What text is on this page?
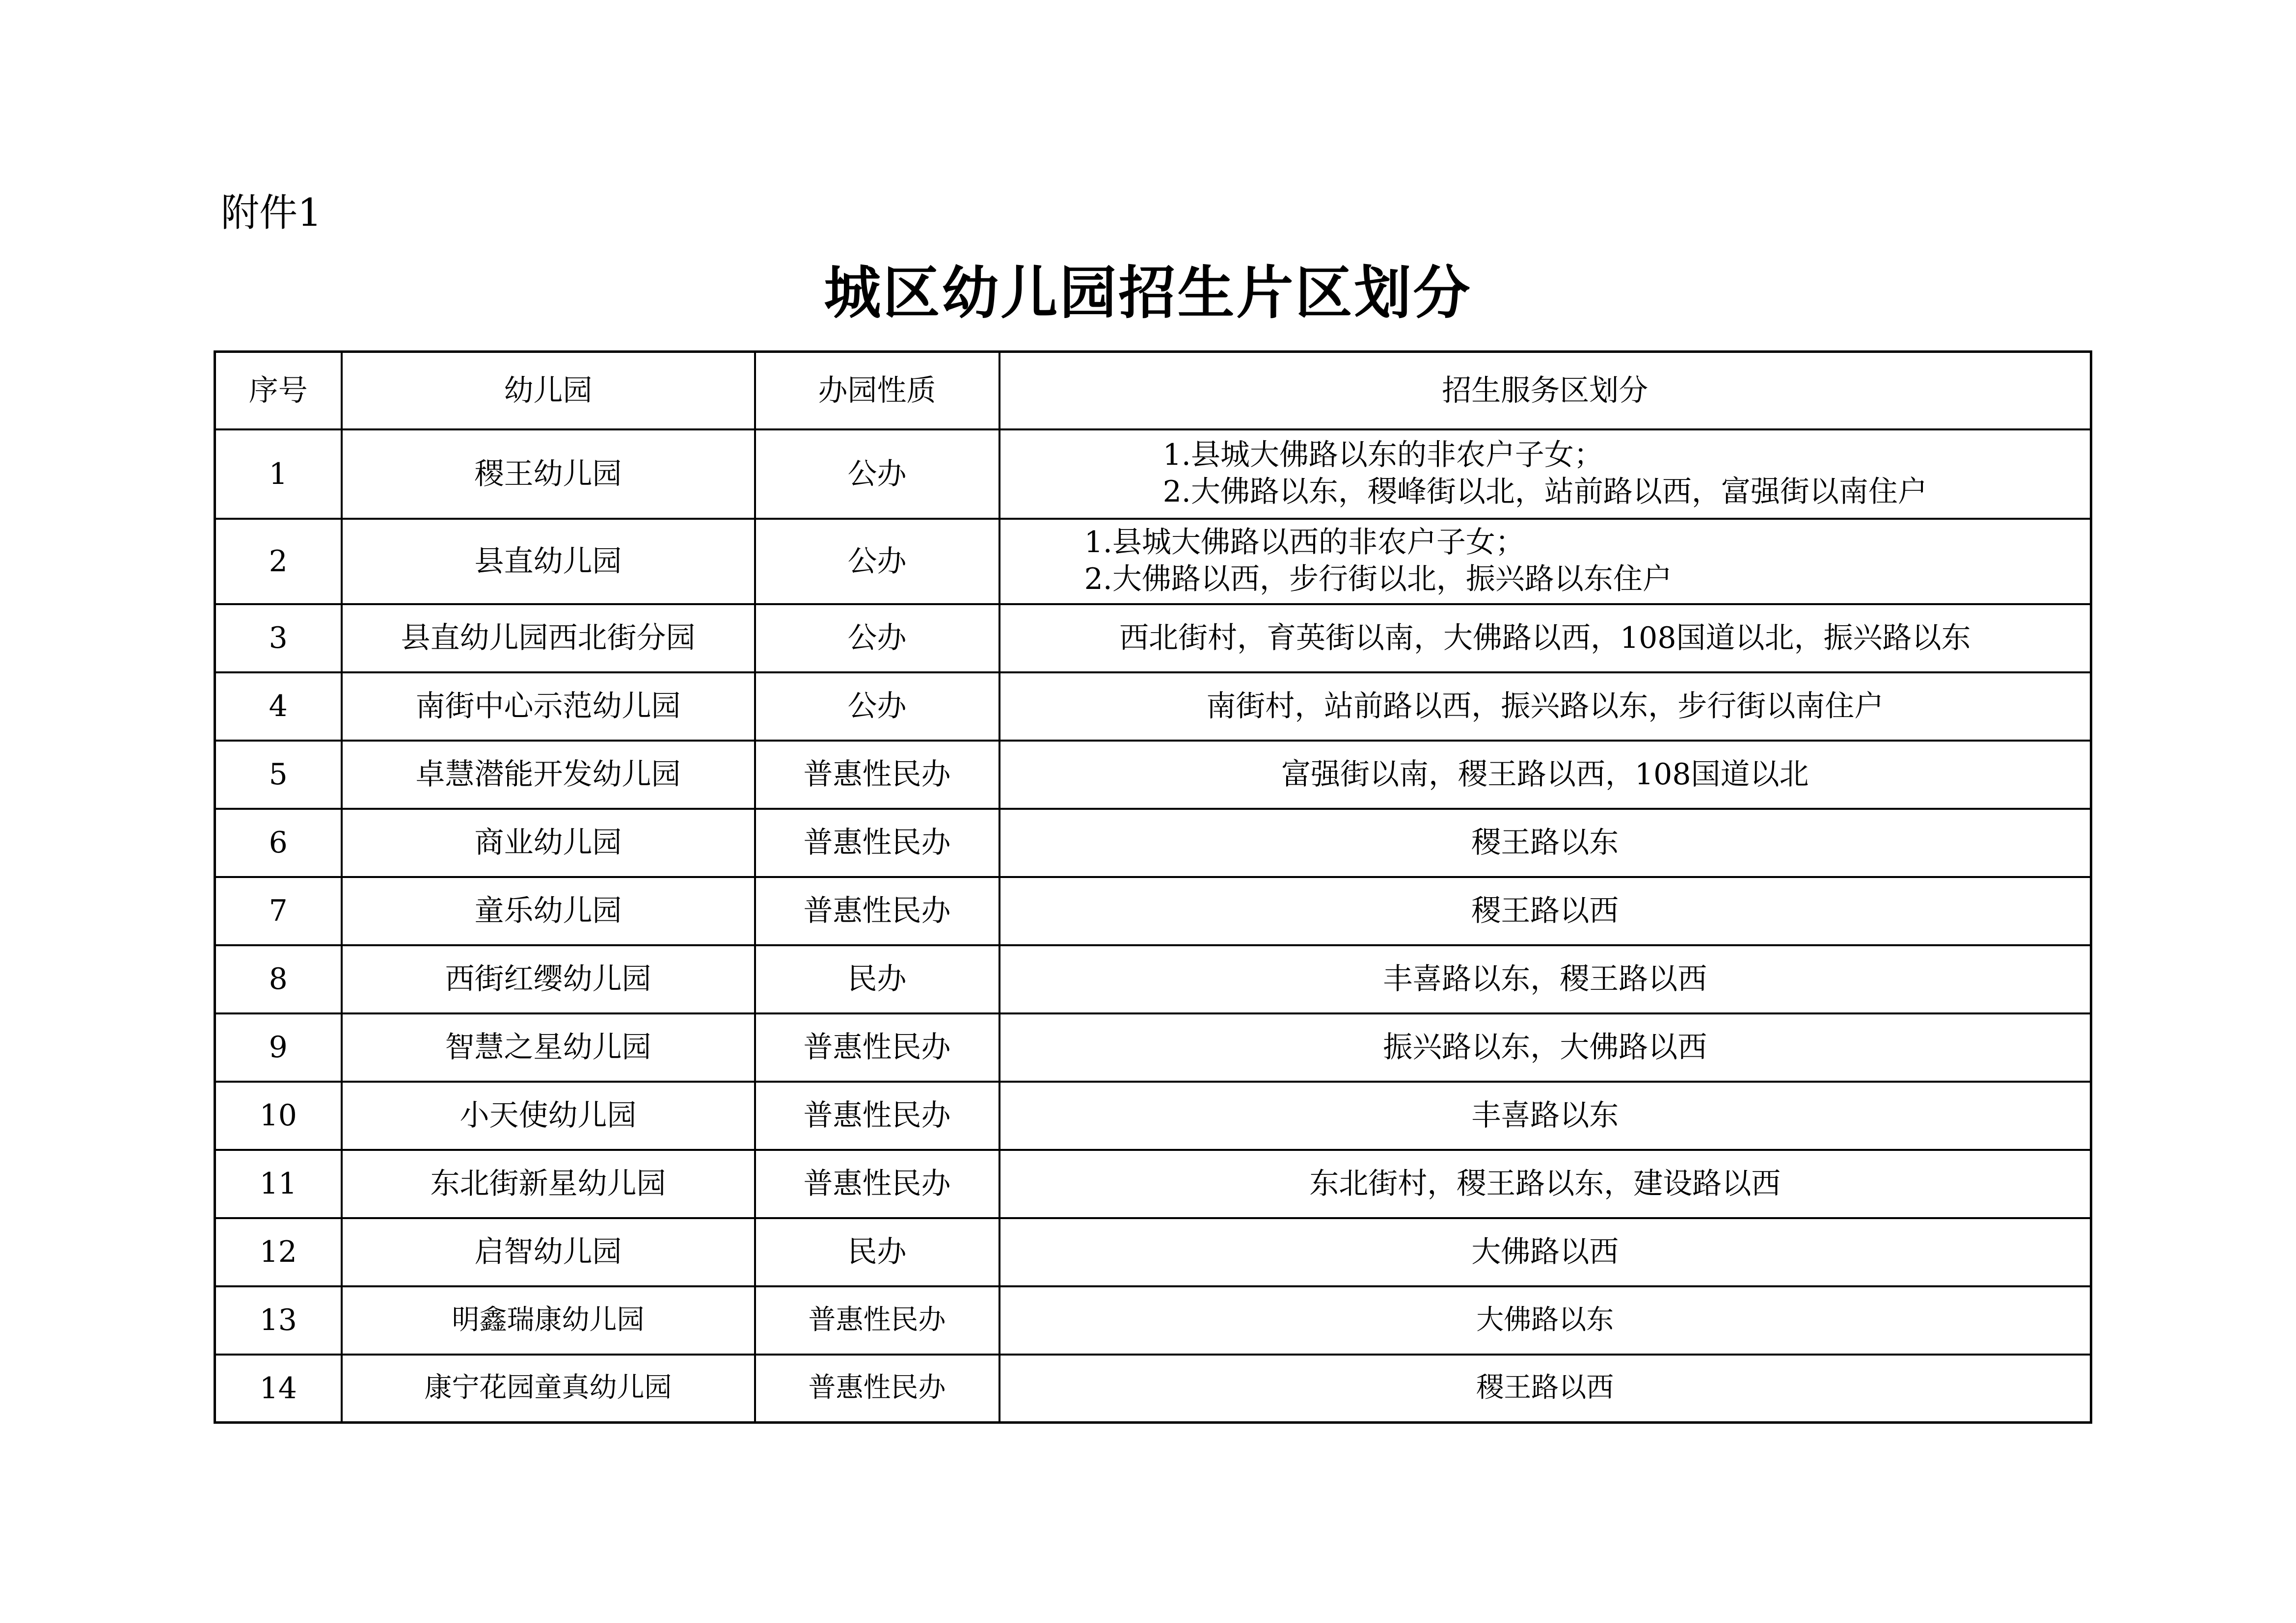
附件1
城区幼儿园招生片区划分
序号	幼儿园	办园性质	招生服务区划分
1	稷王幼儿园	公办	1.县城大佛路以东的非农户子女；
2.大佛路以东，稷峰街以北，站前路以西，富强街以南住户

2	县直幼儿园	公办	1.县城大佛路以西的非农户子女；
2.大佛路以西，步行街以北，振兴路以东住户

3	县直幼儿园西北街分园	公办	西北街村，育英街以南，大佛路以西，108国道以北，振兴路以东
4	南街中心示范幼儿园	公办	南街村，站前路以西，振兴路以东，步行街以南住户
5	卓慧潜能开发幼儿园	普惠性民办	富强街以南，稷王路以西，108国道以北
6	商业幼儿园	普惠性民办	稷王路以东
7	童乐幼儿园	普惠性民办	稷王路以西
8	西街红缨幼儿园	民办	丰喜路以东，稷王路以西
9	智慧之星幼儿园	普惠性民办	振兴路以东，大佛路以西
10	小天使幼儿园	普惠性民办	丰喜路以东
11	东北街新星幼儿园	普惠性民办	东北街村，稷王路以东，建设路以西
12	启智幼儿园	民办	大佛路以西
13	明鑫瑞康幼儿园	普惠性民办	大佛路以东
14	康宁花园童真幼儿园	普惠性民办	稷王路以西
